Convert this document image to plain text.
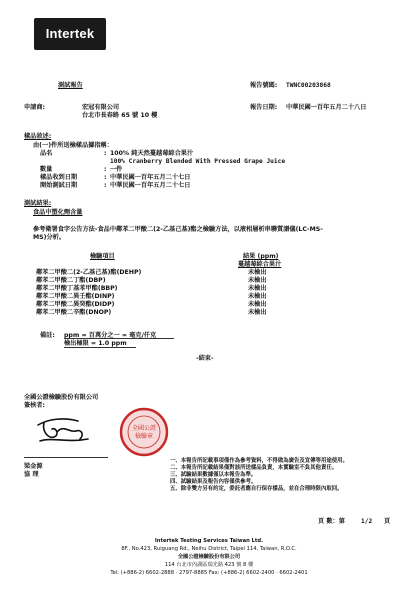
Intertek
測試報告	報告號碼: TWNC00203868
申請商:	宏冠有限公司
台北市長春路 65 號 10 樓
報告日期: 中華民國一百年五月二十八日
樣品敘述:
由(一)件所送檢樣品據指稱：
品名	: 100% 純天然蔓越莓綜合果汁
100% Cranberry Blended With Pressed Grape Juice
數量	: 一件
樣品收到日期	: 中華民國一百年五月二十七日
開始測試日期	: 中華民國一百年五月二十七日
測試結果:
食品中塑化劑含量
參考衛署食字公告方法-食品中鄰苯二甲酸二(2-乙基己基)酯之檢驗方法，以液相層析串聯質譜儀(LC-MS-
MS)分析。
檢驗項目	結果 (ppm)
蔓越莓綜合果汁
鄰苯二甲酸二(2-乙基己基)酯(DEHP)	未檢出
鄰苯二甲酸二丁酯(DBP)	未檢出
鄰苯二甲酸丁基苯甲酯(BBP)	未檢出
鄰苯二甲酸二異壬酯(DINP)	未檢出
鄰苯二甲酸二異癸酯(DIDP)	未檢出
鄰苯二甲酸二辛酯(DNOP)	未檢出
備註: ppm = 百萬分之一 = 毫克/仟克
檢出極限 = 1.0 ppm
-結束-
全國公證檢驗股份有限公司
簽核者:
全國公證
檢驗章
梁金源
協 理
一、本報告所記載事項僅作為參考資料，不得做為廣告及宣傳等用途使用。
二、本報告所記載結果僅對該所送樣品負責，本實驗室不負其他責任。
三、試驗結果數據僅以本報告為準。
四、試驗結果及報告內容僅供參考。
五、除非雙方另有約定，委託者應自行保存樣品，並在合理時限內取回。
頁 數：第	1/2 頁
Intertek Testing Services Taiwan Ltd.
8F., No.423, Ruiguang Rd., Neihu District, Taipei 114, Taiwan, R.O.C.
全國公證檢驗股份有限公司
114 台北市內湖區瑞光路 423 號 8 樓
Tel: (+886-2) 6602-2888 · 2797-8885 Fax: (+886-2) 6602-2400 · 6602-2401
